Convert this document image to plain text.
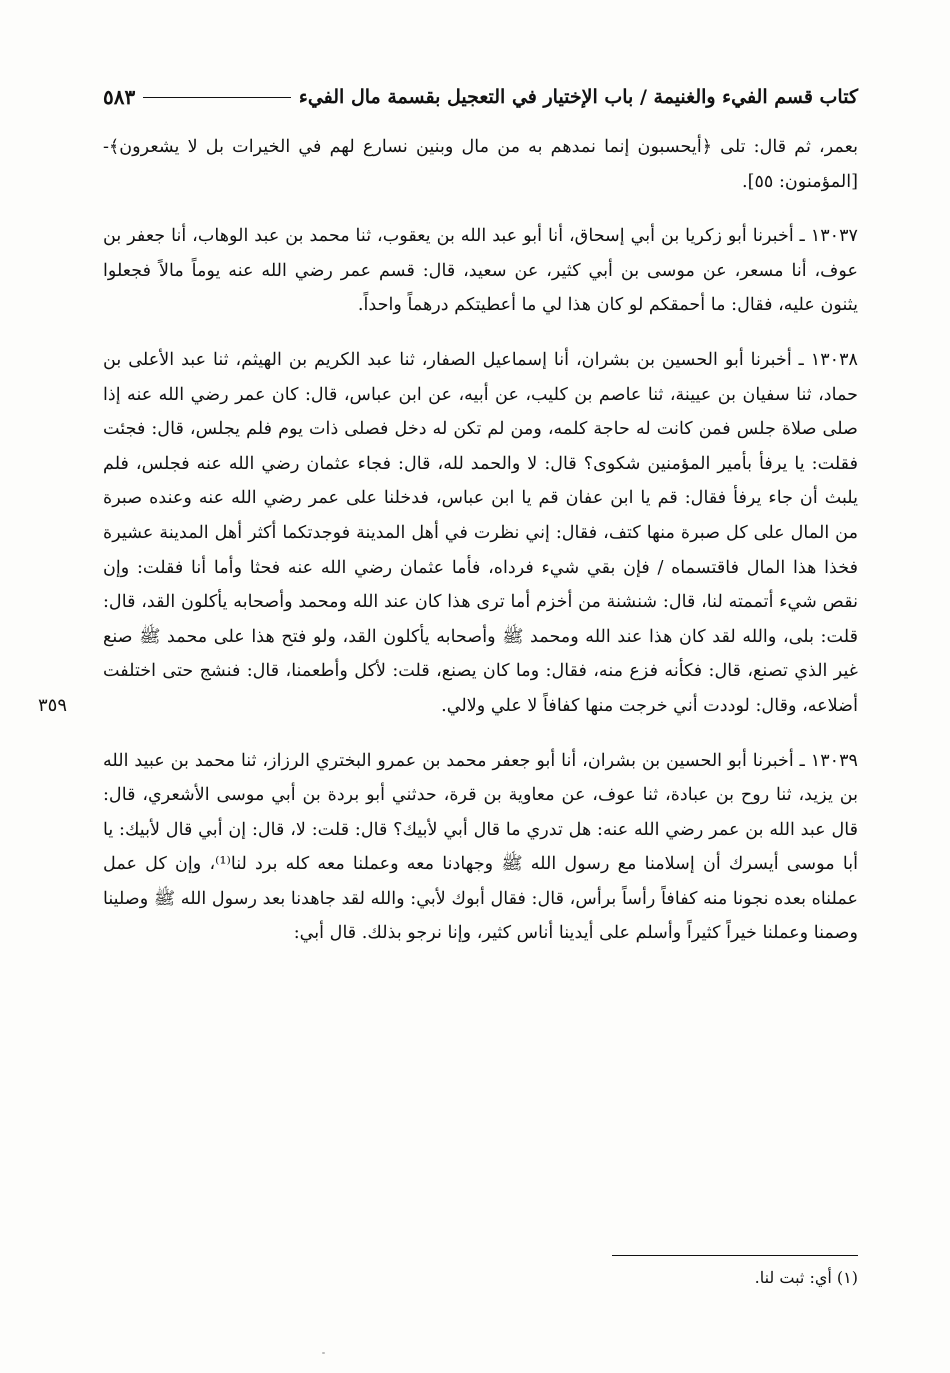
كتاب قسم الفيء والغنيمة / باب الإختيار في التعجيل بقسمة مال الفيء
٥٨٣

بعمر، ثم قال: تلى ﴿أيحسبون إنما نمدهم به من مال وبنين نسارع لهم في الخيرات بل لا يشعرون﴾-[المؤمنون: ٥٥].

١٣٠٣٧ ـ أخبرنا أبو زكريا بن أبي إسحاق، أنا أبو عبد الله بن يعقوب، ثنا محمد بن عبد الوهاب، أنا جعفر بن عوف، أنا مسعر، عن موسى بن أبي كثير، عن سعيد، قال: قسم عمر رضي الله عنه يوماً مالاً فجعلوا يثنون عليه، فقال: ما أحمقكم لو كان هذا لي ما أعطيتكم درهماً واحداً.

١٣٠٣٨ ـ أخبرنا أبو الحسين بن بشران، أنا إسماعيل الصفار، ثنا عبد الكريم بن الهيثم، ثنا عبد الأعلى بن حماد، ثنا سفيان بن عيينة، ثنا عاصم بن كليب، عن أبيه، عن ابن عباس، قال: كان عمر رضي الله عنه إذا صلى صلاة جلس فمن كانت له حاجة كلمه، ومن لم تكن له دخل فصلى ذات يوم فلم يجلس، قال: فجئت فقلت: يا يرفأ بأمير المؤمنين شكوى؟ قال: لا والحمد لله، قال: فجاء عثمان رضي الله عنه فجلس، فلم يلبث أن جاء يرفأ فقال: قم يا ابن عفان قم يا ابن عباس، فدخلنا على عمر رضي الله عنه وعنده صبرة من المال على كل صبرة منها كتف، فقال: إني نظرت في أهل المدينة فوجدتكما أكثر أهل المدينة عشيرة فخذا هذا المال فاقتسماه / فإن بقي شيء فرداه، فأما عثمان رضي الله عنه فحثا وأما أنا فقلت: وإن نقص شيء أتممته لنا، قال: شنشنة من أخزم أما ترى هذا كان عند الله ومحمد وأصحابه يأكلون القد، قال: قلت: بلى، والله لقد كان هذا عند الله ومحمد ﷺ وأصحابه يأكلون القد، ولو فتح هذا على محمد ﷺ صنع غير الذي تصنع، قال: فكأنه فزع منه، فقال: وما كان يصنع، قلت: لأكل وأطعمنا، قال: فنشج حتى اختلفت أضلاعه، وقال: لوددت أني خرجت منها كفافاً لا علي ولالي.

١٣٠٣٩ ـ أخبرنا أبو الحسين بن بشران، أنا أبو جعفر محمد بن عمرو البختري الرزاز، ثنا محمد بن عبيد الله بن يزيد، ثنا روح بن عبادة، ثنا عوف، عن معاوية بن قرة، حدثني أبو بردة بن أبي موسى الأشعري، قال: قال عبد الله بن عمر رضي الله عنه: هل تدري ما قال أبي لأبيك؟ قال: قلت: لا، قال: إن أبي قال لأبيك: يا أبا موسى أيسرك أن إسلامنا مع رسول الله ﷺ وجهادنا معه وعملنا معه كله برد لنا⁽¹⁾، وإن كل عمل عملناه بعده نجونا منه كفافاً رأساً برأس، قال: فقال أبوك لأبي: والله لقد جاهدنا بعد رسول الله ﷺ وصلينا وصمنا وعملنا خيراً كثيراً وأسلم على أيدينا أناس كثير، وإنا نرجو بذلك. قال أبي:

٣٥٩
(١) أي: ثبت لنا.
